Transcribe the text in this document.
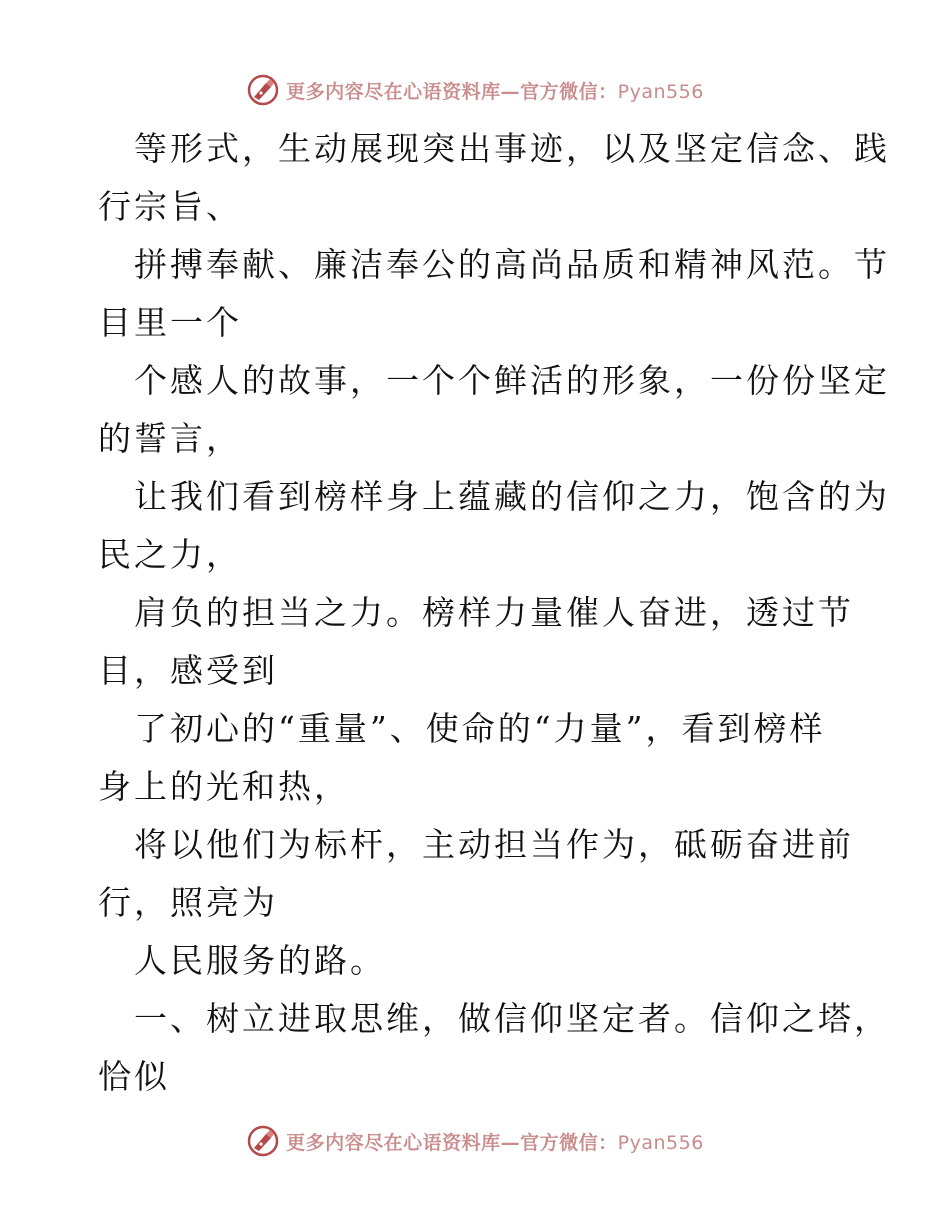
更多内容尽在心语资料库—官方微信：Pyan556
等形式，生动展现突出事迹，以及坚定信念、践
行宗旨、
拼搏奉献、廉洁奉公的高尚品质和精神风范。节
目里一个
个感人的故事，一个个鲜活的形象，一份份坚定
的誓言，
让我们看到榜样身上蕴藏的信仰之力，饱含的为
民之力，
肩负的担当之力。榜样力量催人奋进，透过节
目，感受到
了初心的“重量”、使命的“力量”，看到榜样
身上的光和热，
将以他们为标杆，主动担当作为，砥砺奋进前
行，照亮为
人民服务的路。
一、树立进取思维，做信仰坚定者。信仰之塔，
恰似
更多内容尽在心语资料库—官方微信：Pyan556
